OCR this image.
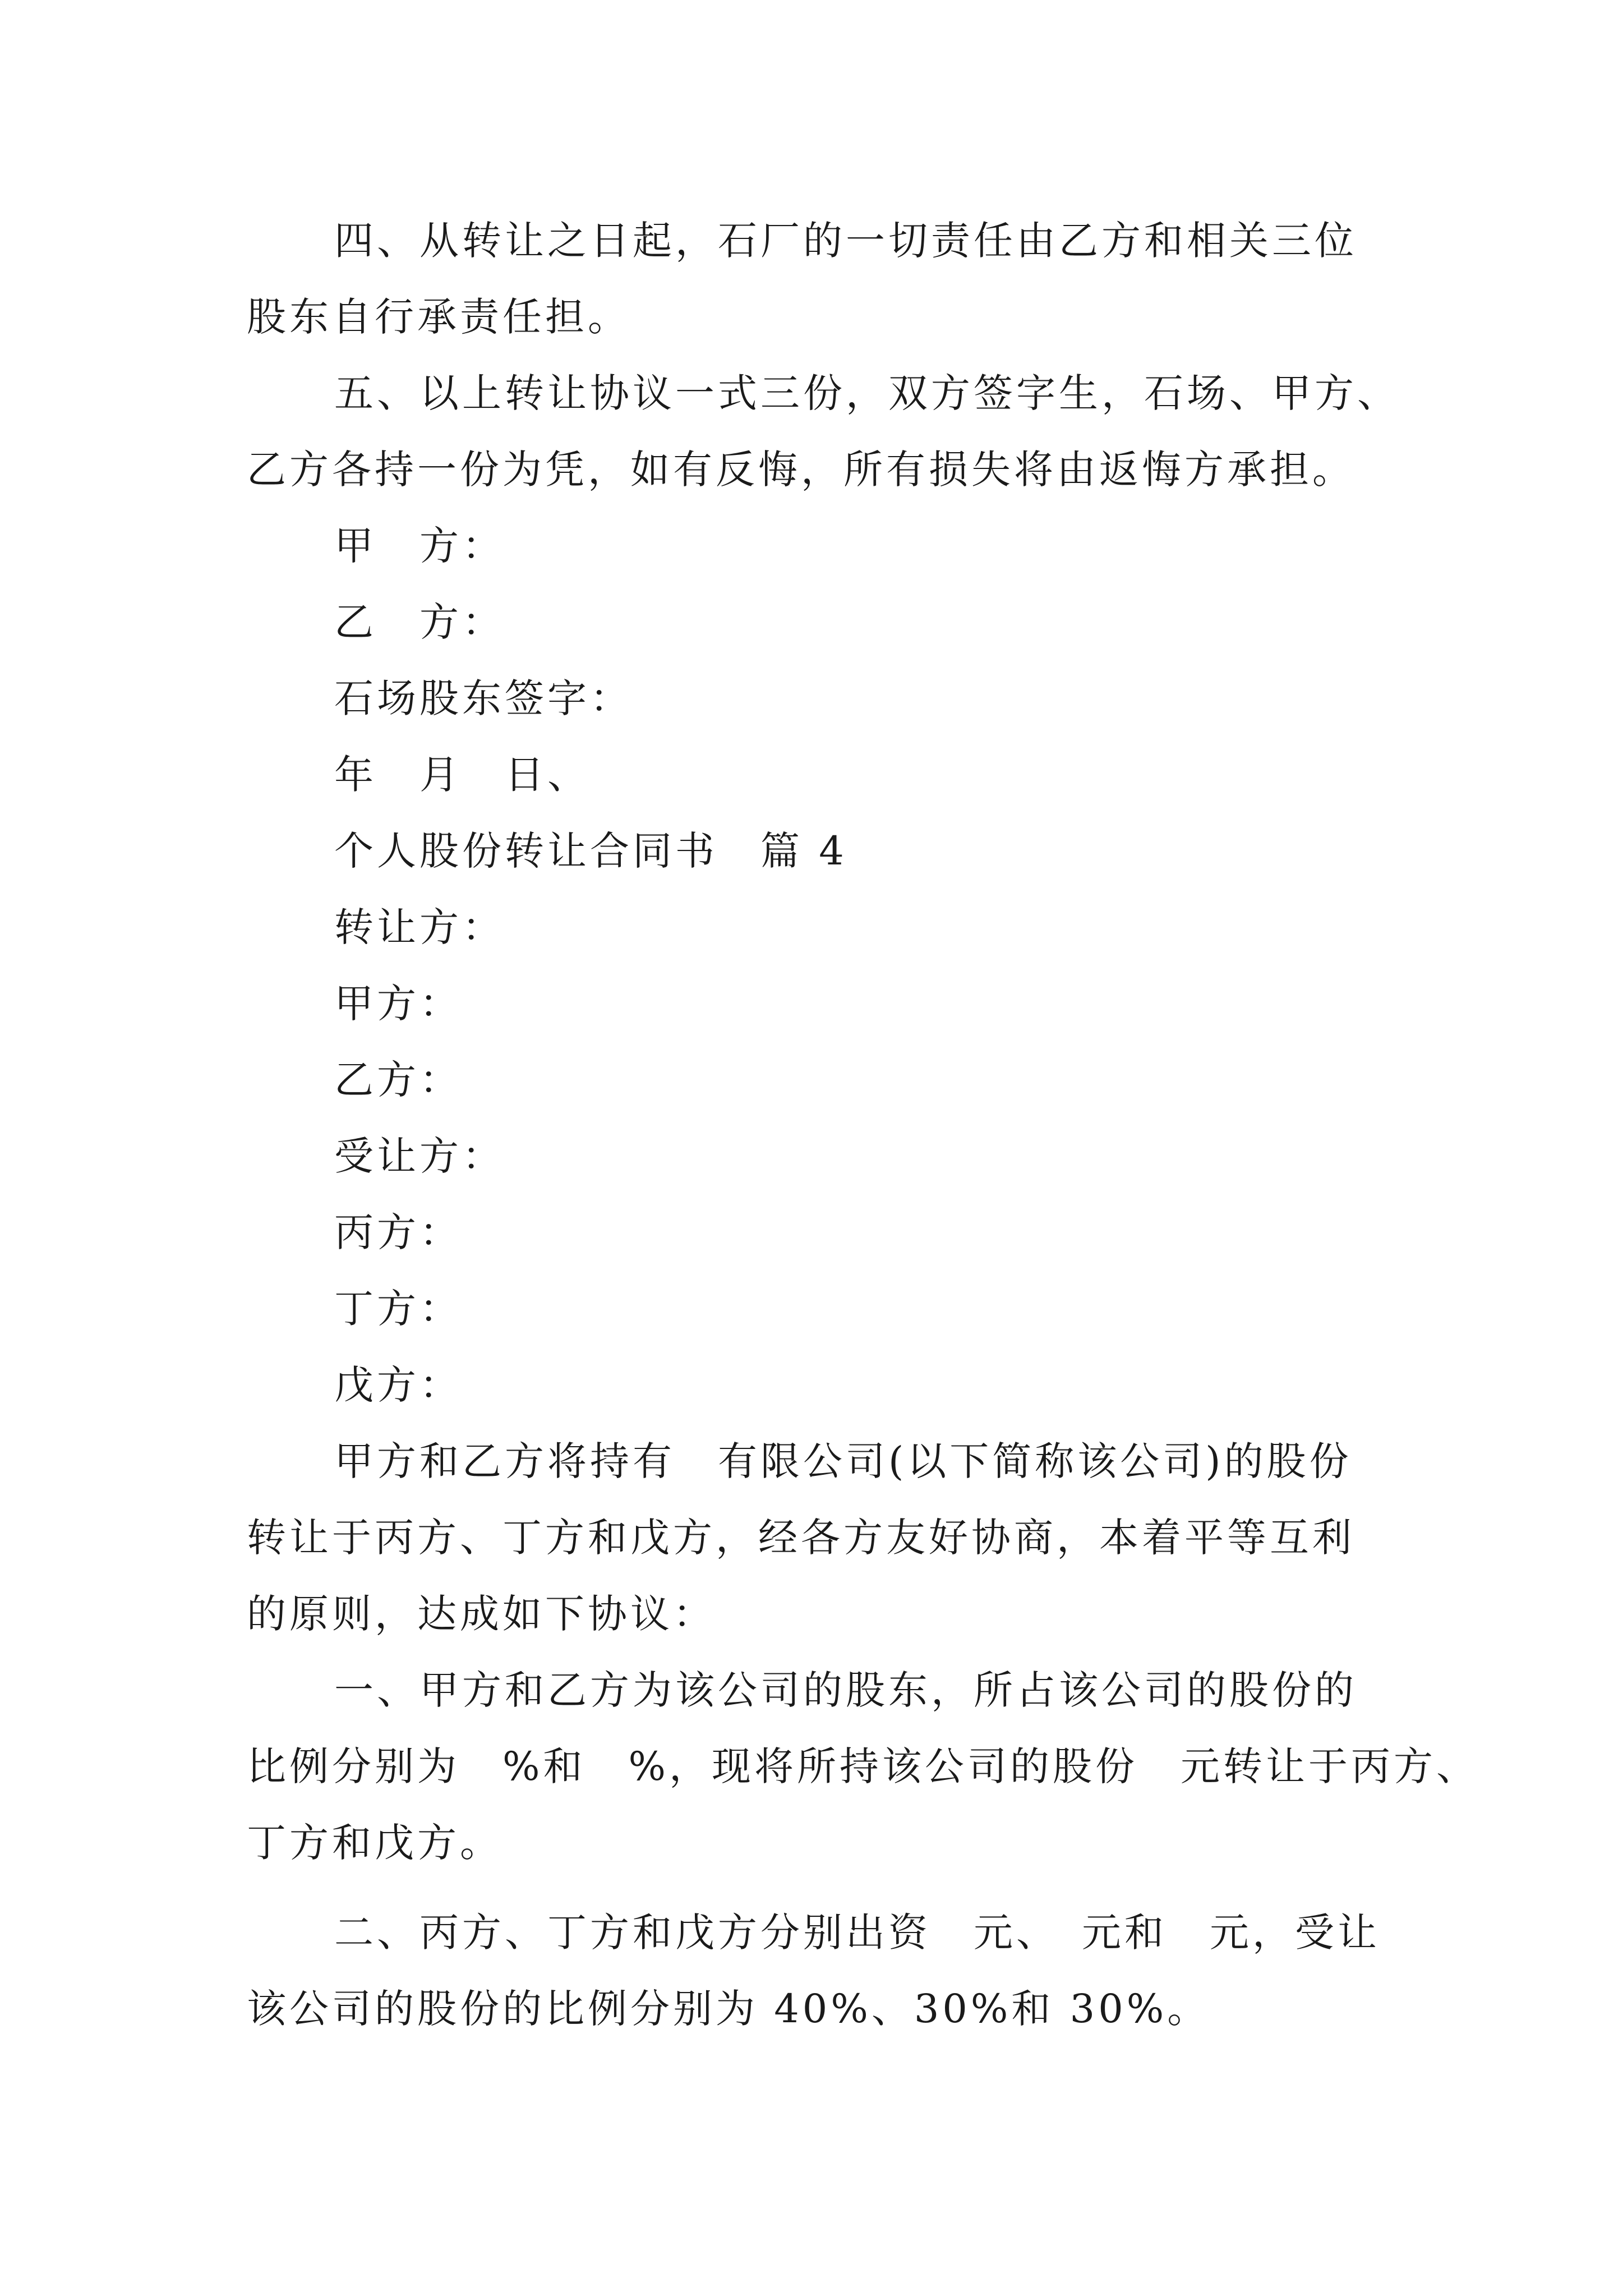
四、从转让之日起，石厂的一切责任由乙方和相关三位
股东自行承责任担。
五、以上转让协议一式三份，双方签字生，石场、甲方、
乙方各持一份为凭，如有反悔，所有损失将由返悔方承担。
甲　方：
乙　方：
石场股东签字：
年　月　日、
个人股份转让合同书　篇 4
转让方：
甲方：
乙方：
受让方：
丙方：
丁方：
戊方：
甲方和乙方将持有　有限公司(以下简称该公司)的股份
转让于丙方、丁方和戊方，经各方友好协商，本着平等互利
的原则，达成如下协议：
一、甲方和乙方为该公司的股东，所占该公司的股份的
比例分别为　%和　%，现将所持该公司的股份　元转让于丙方、
丁方和戊方。
二、丙方、丁方和戊方分别出资　元、　元和　元，受让
该公司的股份的比例分别为 40%、30%和 30%。
